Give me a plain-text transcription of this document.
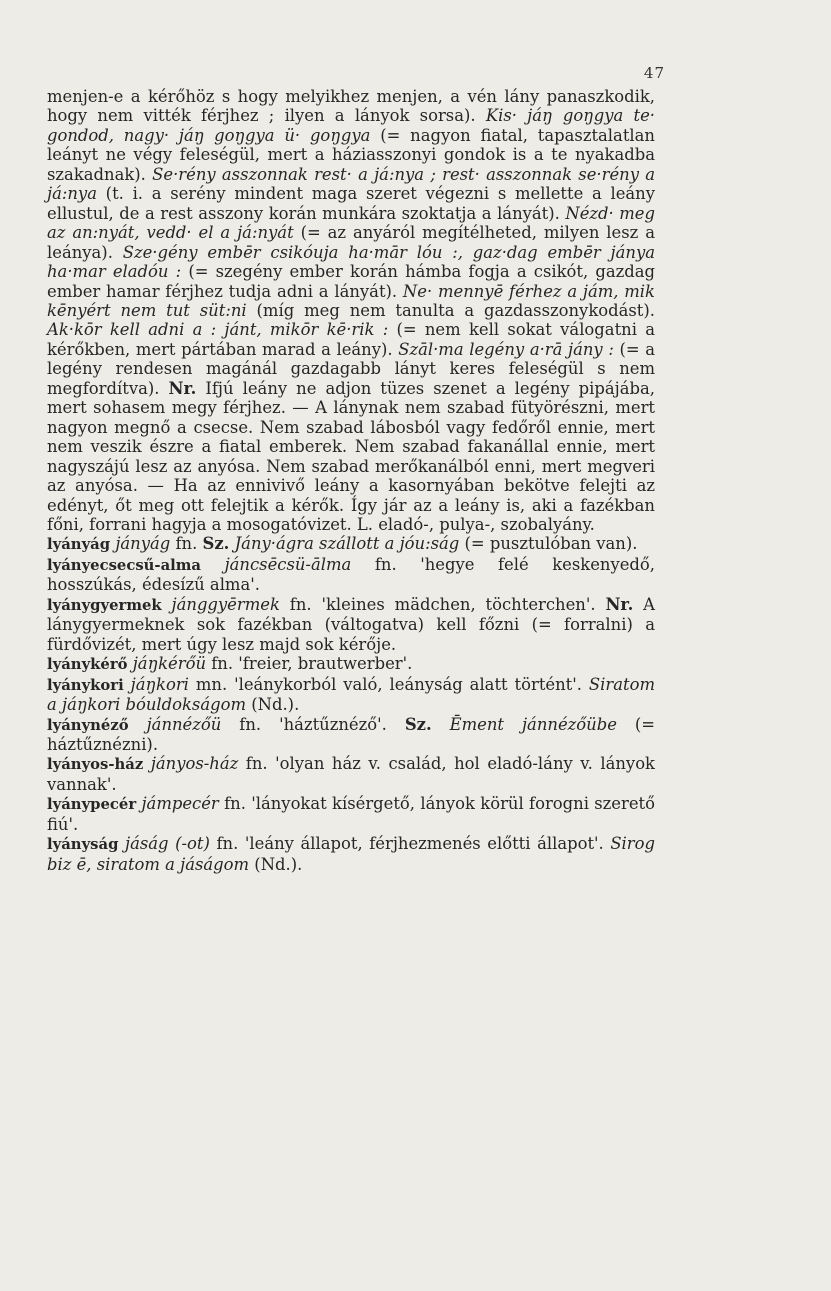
47

menjen-e a kérőhöz s hogy melyikhez menjen, a vén lány panaszkodik, hogy nem vitték férjhez ; ilyen a lányok sorsa). Kis· jáŋ goŋgya te· gondod, nagy· jáŋ goŋgya ü· goŋgya (= nagyon fiatal, tapasztalatlan leányt ne végy feleségül, mert a háziasszonyi gondok is a te nyakadba szakadnak). Se·rény asszonnak rest· a já:nya ; rest· asszonnak se·rény a já:nya (t. i. a serény mindent maga szeret végezni s mellette a leány ellustul, de a rest asszony korán munkára szoktatja a lányát). Nézd· meg az an:nyát, vedd· el a já:nyát (= az anyáról megítélheted, milyen lesz a leánya). Sze·gény embēr csikóuja ha·mār lóu :, gaz·dag embēr jánya ha·mar eladóu : (= szegény ember korán hámba fogja a csikót, gazdag ember hamar férjhez tudja adni a lányát). Ne· mennyē férhez a jám, mik kēnyért nem tut süt:ni (míg meg nem tanulta a gazdasszonykodást). Ak·kōr kell adni a : jánt, mikōr kē·rik : (= nem kell sokat válogatni a kérőkben, mert pártában marad a leány). Szāl·ma legény a·rā jány : (= a legény rendesen magánál gazdagabb lányt keres feleségül s nem megfordítva). Nr. Ifjú leány ne adjon tüzes szenet a legény pipájába, mert sohasem megy férjhez. — A lánynak nem szabad fütyörészni, mert nagyon megnő a csecse. Nem szabad lábosból vagy fedőről ennie, mert nem veszik észre a fiatal emberek. Nem szabad fakanállal ennie, mert nagyszájú lesz az anyósa. Nem szabad merőkanálból enni, mert megveri az anyósa. — Ha az ennivivő leány a kasornyában bekötve felejti az edényt, őt meg ott felejtik a kérők. Így jár az a leány is, aki a fazékban főni, forrani hagyja a mosogatóvizet. L. eladó-, pulya-, szobalyány.

lyányág jányág fn. Sz. Jány·ágra szállott a jóu:ság (= pusztulóban van).

lyányecsecsű-alma jáncsēcsü-ālma fn. 'hegye felé keskenyedő, hosszúkás, édesízű alma'.

lyánygyermek jánggyērmek fn. 'kleines mädchen, töchterchen'. Nr. A lánygyermeknek sok fazékban (váltogatva) kell főzni (= forralni) a fürdővizét, mert úgy lesz majd sok kérője.

lyánykérő jáŋkérőü fn. 'freier, brautwerber'.

lyánykori jáŋkori mn. 'leánykorból való, leányság alatt történt'. Siratom a jáŋkori bóuldokságom (Nd.).

lyánynéző jánnézőü fn. 'háztűznéző'. Sz. Ēment jánnézőübe (= háztűznézni).

lyányos-ház jányos-ház fn. 'olyan ház v. család, hol eladó-lány v. lányok vannak'.

lyánypecér jámpecér fn. 'lányokat kísérgető, lányok körül forogni szerető fiú'.

lyányság jáság (-ot) fn. 'leány állapot, férjhezmenés előtti állapot'. Sirog biz ē, siratom a jáságom (Nd.).
